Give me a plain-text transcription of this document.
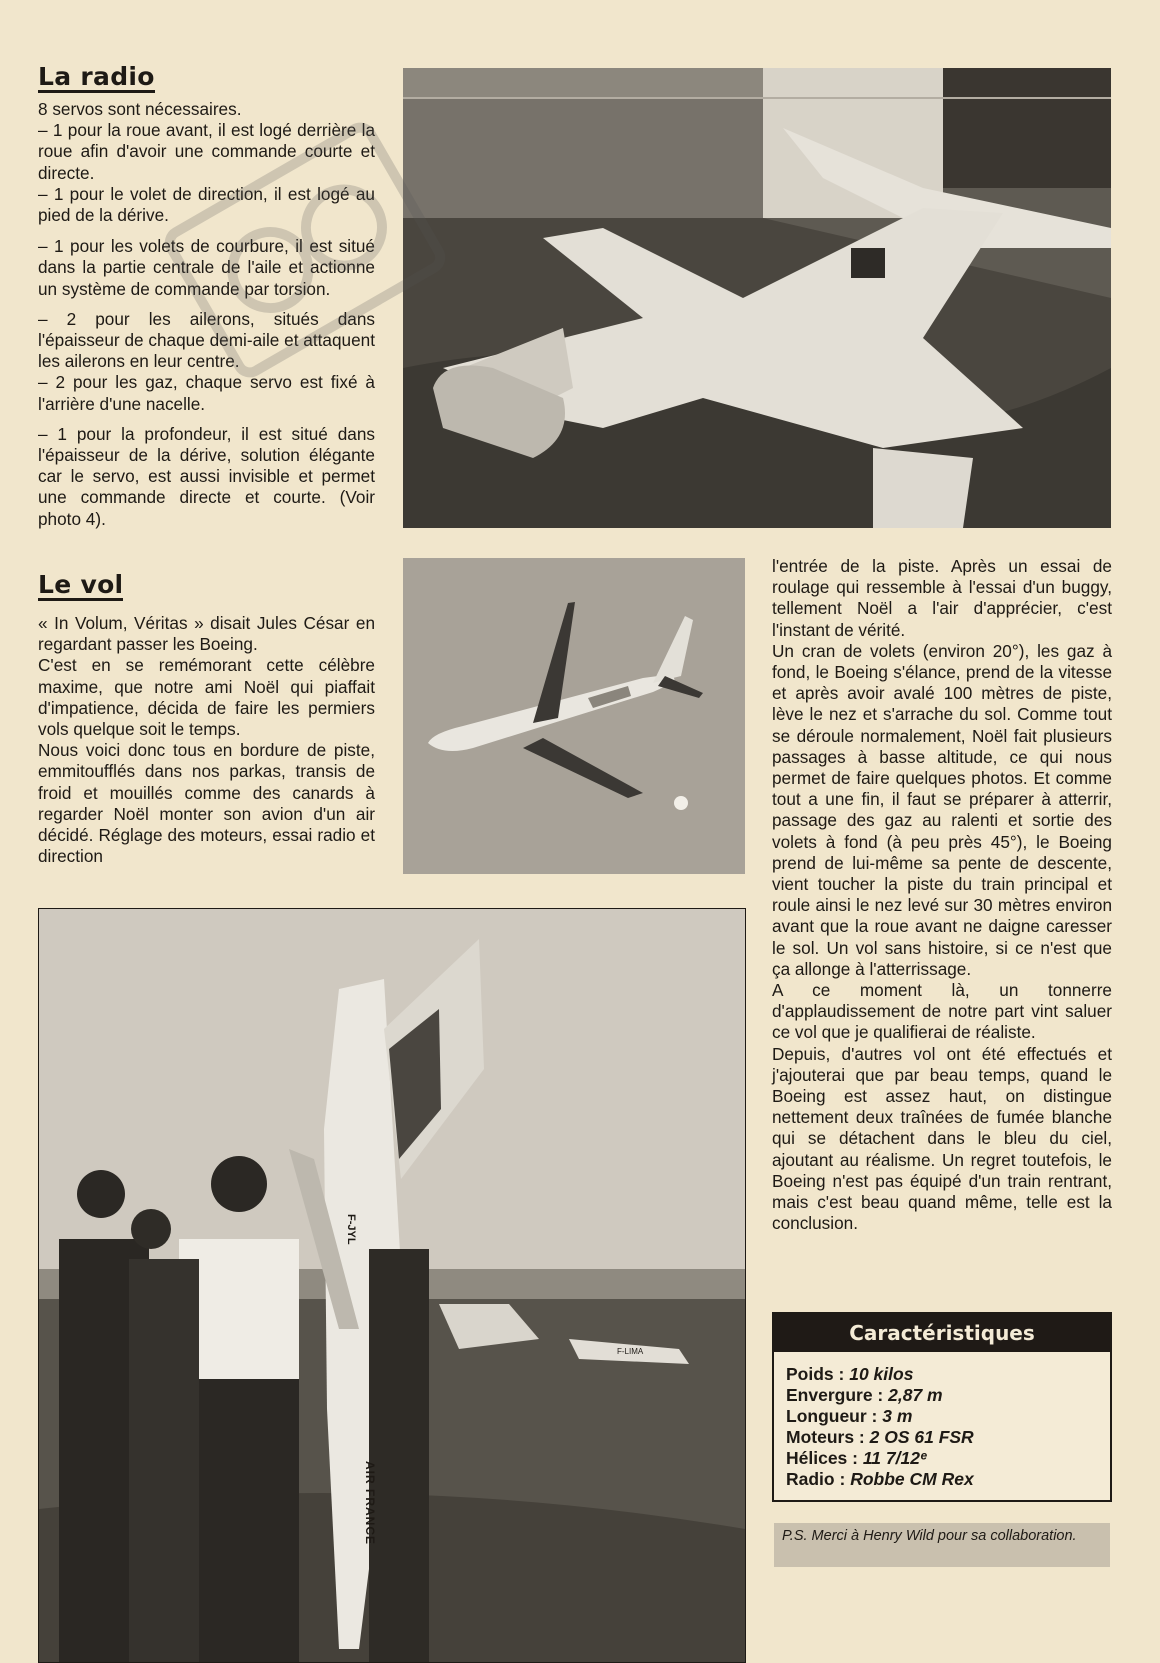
La radio

8 servos sont nécessaires.
– 1 pour la roue avant, il est logé derrière la roue afin d'avoir une commande courte et directe.
– 1 pour le volet de direction, il est logé au pied de la dérive.

– 1 pour les volets de courbure, il est situé dans la partie centrale de l'aile et actionne un système de commande par torsion.

– 2 pour les ailerons, situés dans l'épaisseur de chaque demi-aile et attaquent les ailerons en leur centre.
– 2 pour les gaz, chaque servo est fixé à l'arrière d'une nacelle.

– 1 pour la profondeur, il est situé dans l'épaisseur de la dérive, solution élégante car le servo, est aussi invisible et permet une commande directe et courte. (Voir photo 4).

Le vol

« In Volum, Véritas » disait Jules César en regardant passer les Boeing.
C'est en se remémorant cette célèbre maxime, que notre ami Noël qui piaffait d'impatience, décida de faire les permiers vols quelque soit le temps.
Nous voici donc tous en bordure de piste, emmitoufflés dans nos parkas, transis de froid et mouillés comme des canards à regarder Noël monter son avion d'un air décidé. Réglage des moteurs, essai radio et direction

l'entrée de la piste. Après un essai de roulage qui ressemble à l'essai d'un buggy, tellement Noël a l'air d'apprécier, c'est l'instant de vérité.
Un cran de volets (environ 20°), les gaz à fond, le Boeing s'élance, prend de la vitesse et après avoir avalé 100 mètres de piste, lève le nez et s'arrache du sol. Comme tout se déroule normalement, Noël fait plusieurs passages à basse altitude, ce qui nous permet de faire quelques photos. Et comme tout a une fin, il faut se préparer à atterrir, passage des gaz au ralenti et sortie des volets à fond (à peu près 45°), le Boeing prend de lui-même sa pente de descente, vient toucher la piste du train principal et roule ainsi le nez levé sur 30 mètres environ avant que la roue avant ne daigne caresser le sol. Un vol sans histoire, si ce n'est que ça allonge à l'atterrissage.
A ce moment là, un tonnerre d'applaudissement de notre part vint saluer ce vol que je qualifierai de réaliste.
Depuis, d'autres vol ont été effectués et j'ajouterai que par beau temps, quand le Boeing est assez haut, on distingue nettement deux traînées de fumée blanche qui se détachent dans le bleu du ciel, ajoutant au réalisme. Un regret toutefois, le Boeing n'est pas équipé d'un train rentrant, mais c'est beau quand même, telle est la conclusion.

F-JYL
AIR FRANCE
F-LIMA
Caractéristiques
Poids : 10 kilos
Envergure : 2,87 m
Longueur : 3 m
Moteurs : 2 OS 61 FSR
Hélices : 11 7/12ᵉ
Radio : Robbe CM Rex
P.S. Merci à Henry Wild pour sa collaboration.
